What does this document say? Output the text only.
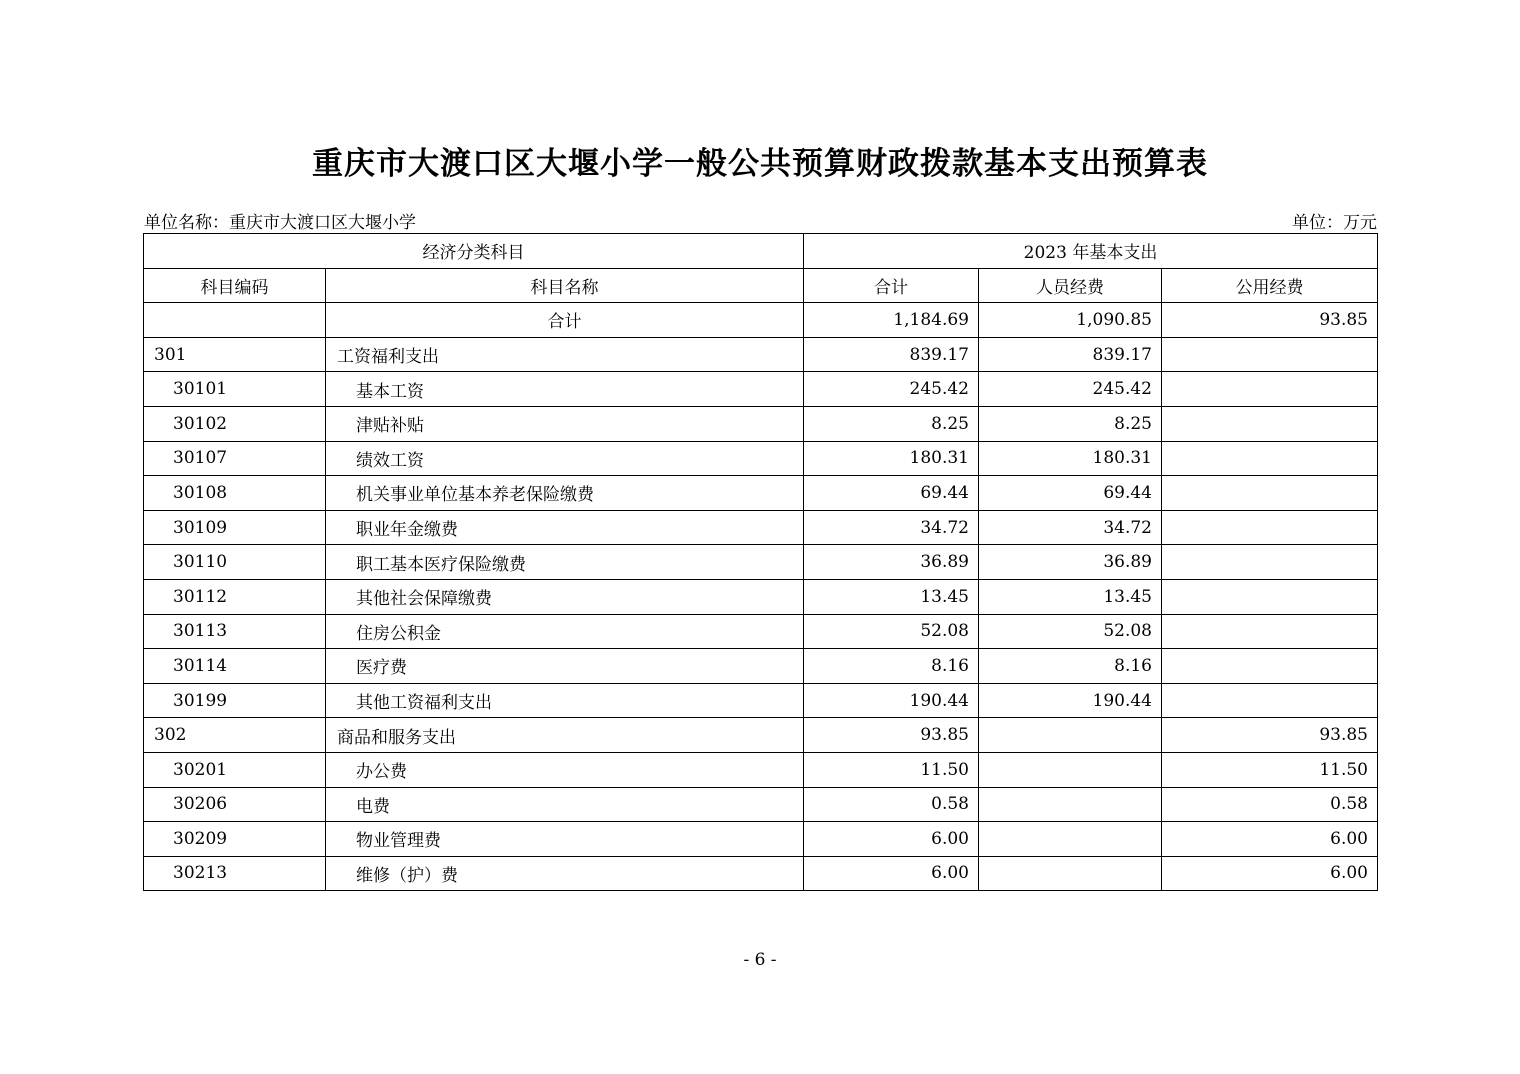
重庆市大渡口区大堰小学一般公共预算财政拨款基本支出预算表
单位名称：重庆市大渡口区大堰小学	单位：万元
经济分类科目		2023 年基本支出		
科目编码	科目名称	合计	人员经费	公用经费
	合计	1,184.69	1,090.85	93.85
301	工资福利支出	839.17	839.17	
30101	基本工资	245.42	245.42	
30102	津贴补贴	8.25	8.25	
30107	绩效工资	180.31	180.31	
30108	机关事业单位基本养老保险缴费	69.44	69.44	
30109	职业年金缴费	34.72	34.72	
30110	职工基本医疗保险缴费	36.89	36.89	
30112	其他社会保障缴费	13.45	13.45	
30113	住房公积金	52.08	52.08	
30114	医疗费	8.16	8.16	
30199	其他工资福利支出	190.44	190.44	
302	商品和服务支出	93.85		93.85
30201	办公费	11.50		11.50
30206	电费	0.58		0.58
30209	物业管理费	6.00		6.00
30213	维修（护）费	6.00		6.00
- 6 -
